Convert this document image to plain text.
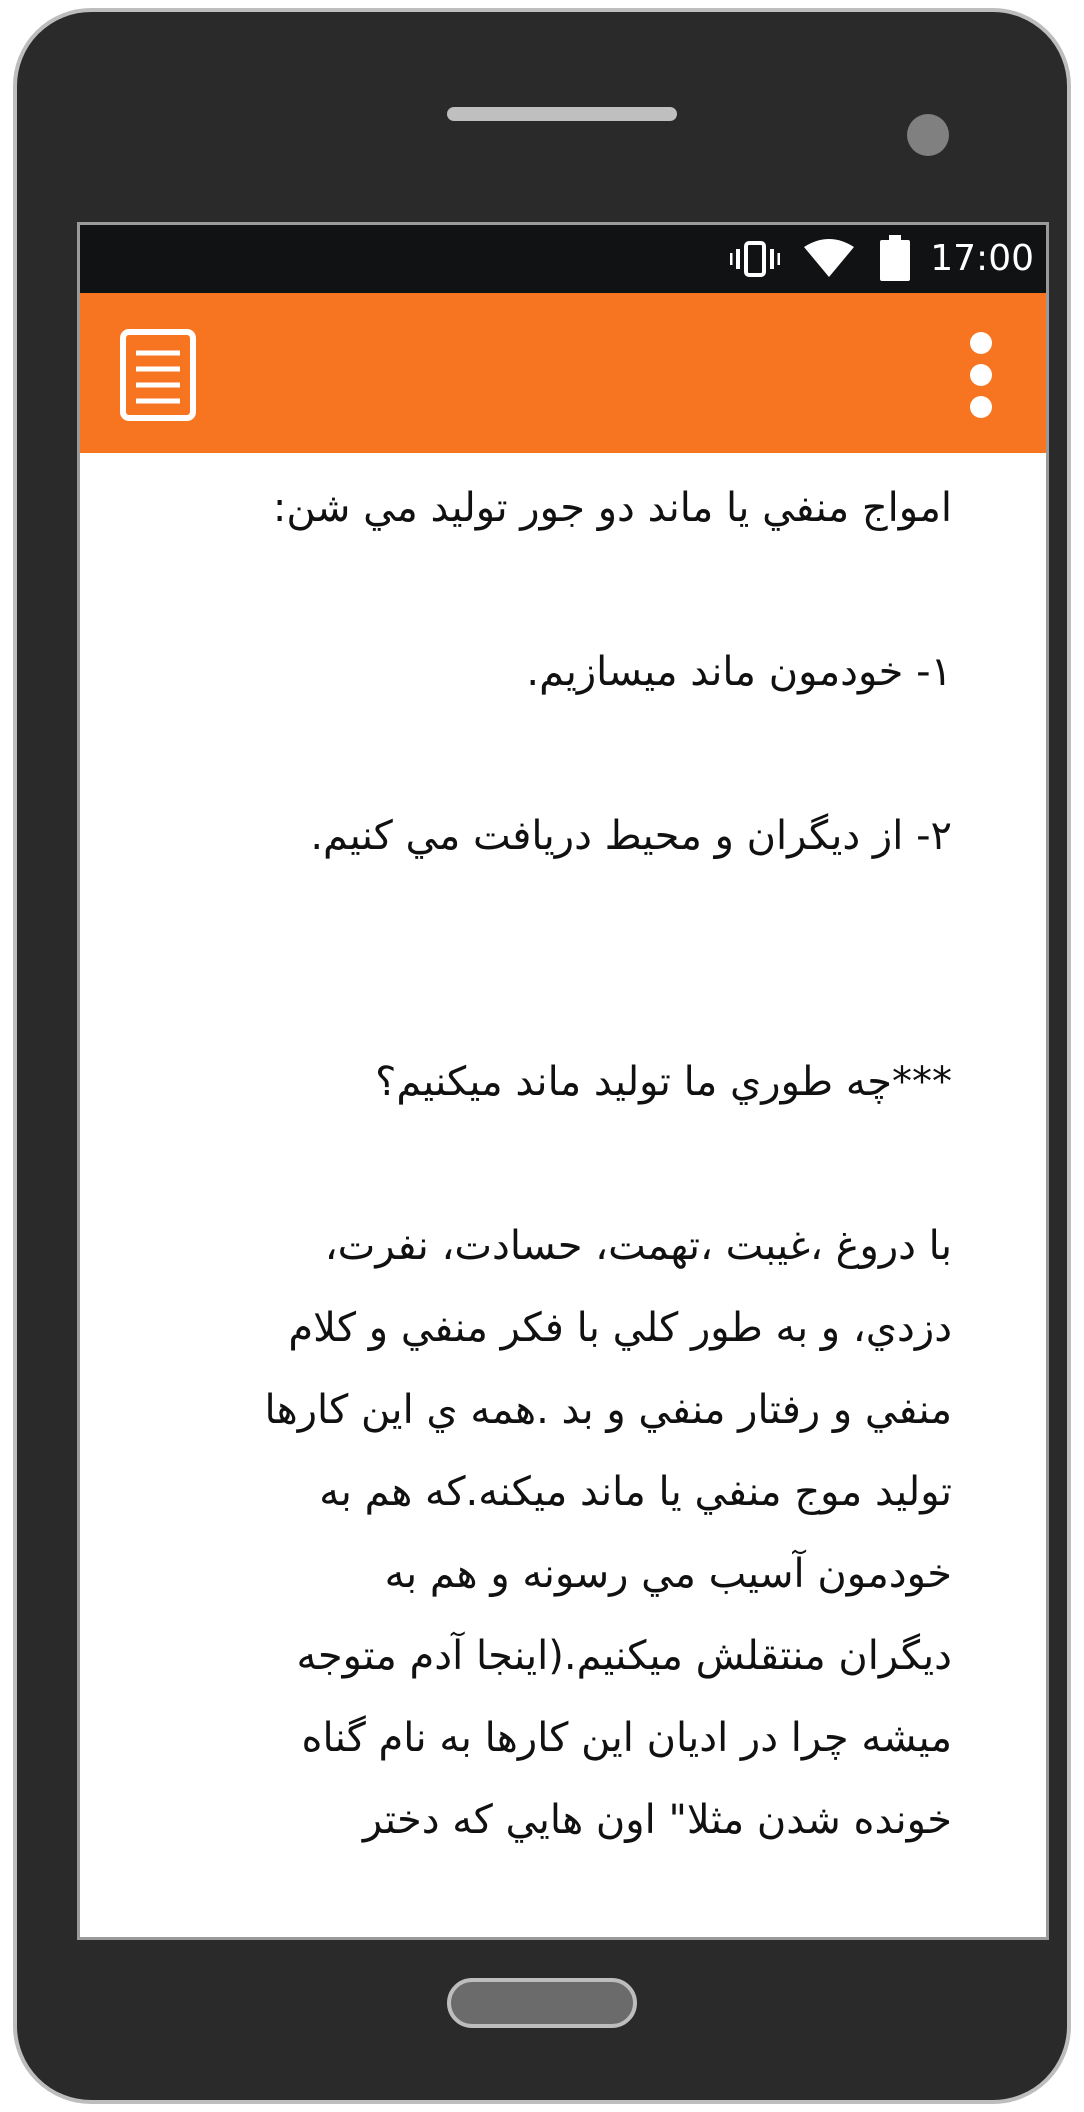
17:00

امواج منفي يا ماند دو جور توليد مي شن:

۱- خودمون ماند ميسازيم.

۲- از ديگران و محيط دريافت مي كنيم.

***چه طوري ما توليد ماند ميكنيم؟

با دروغ ،غيبت ،تهمت، حسادت، نفرت،
دزدي، و به طور كلي با فكر منفي و كلام
منفي و رفتار منفي و بد .همه ي اين كارها
توليد موج منفي يا ماند ميكنه.كه هم به
خودمون آسيب مي رسونه و هم به
ديگران منتقلش ميكنيم.(اينجا آدم متوجه
ميشه چرا در اديان اين كارها به نام گناه
خونده شدن مثلا" اون هايي كه دختر
